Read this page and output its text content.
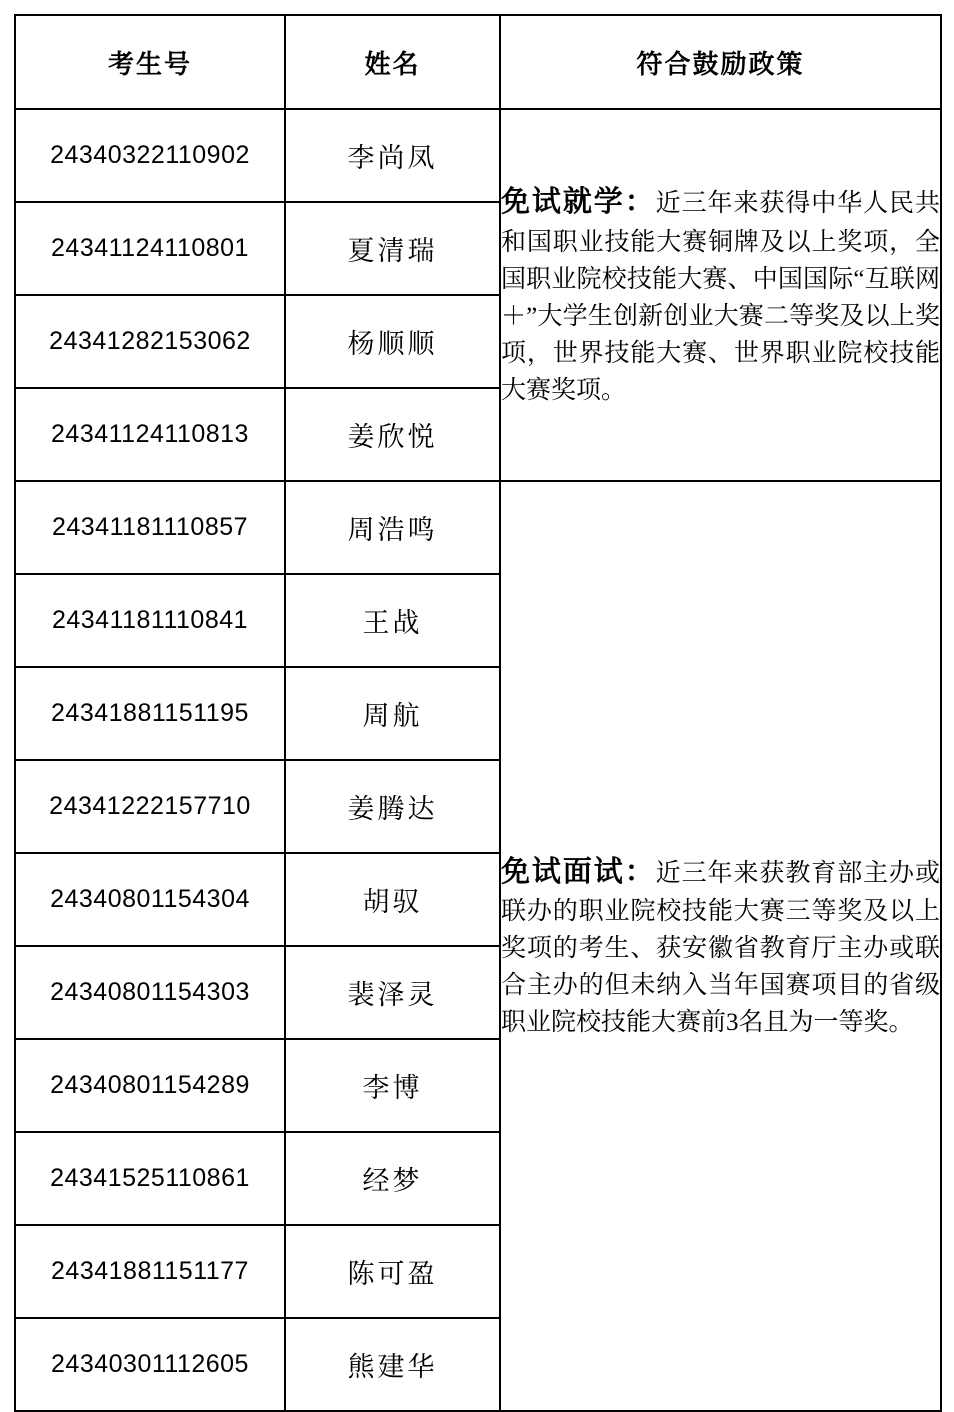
考生号	姓名	符合鼓励政策
24340322110902	李尚凤	免试就学：近三年来获得中华人民共和国职业技能大赛铜牌及以上奖项，全国职业院校技能大赛、中国国际“互联网＋”大学生创新创业大赛二等奖及以上奖项，世界技能大赛、世界职业院校技能大赛奖项。

24341124110801	夏清瑞	
24341282153062	杨顺顺	
24341124110813	姜欣悦	
24341181110857	周浩鸣	免试面试：近三年来获教育部主办或联办的职业院校技能大赛三等奖及以上奖项的考生、获安徽省教育厅主办或联合主办的但未纳入当年国赛项目的省级职业院校技能大赛前3名且为一等奖。

24341181110841	王战	
24341881151195	周航	
24341222157710	姜腾达	
24340801154304	胡驭	
24340801154303	裴泽灵	
24340801154289	李博	
24341525110861	经梦	
24341881151177	陈可盈	
24340301112605	熊建华	
